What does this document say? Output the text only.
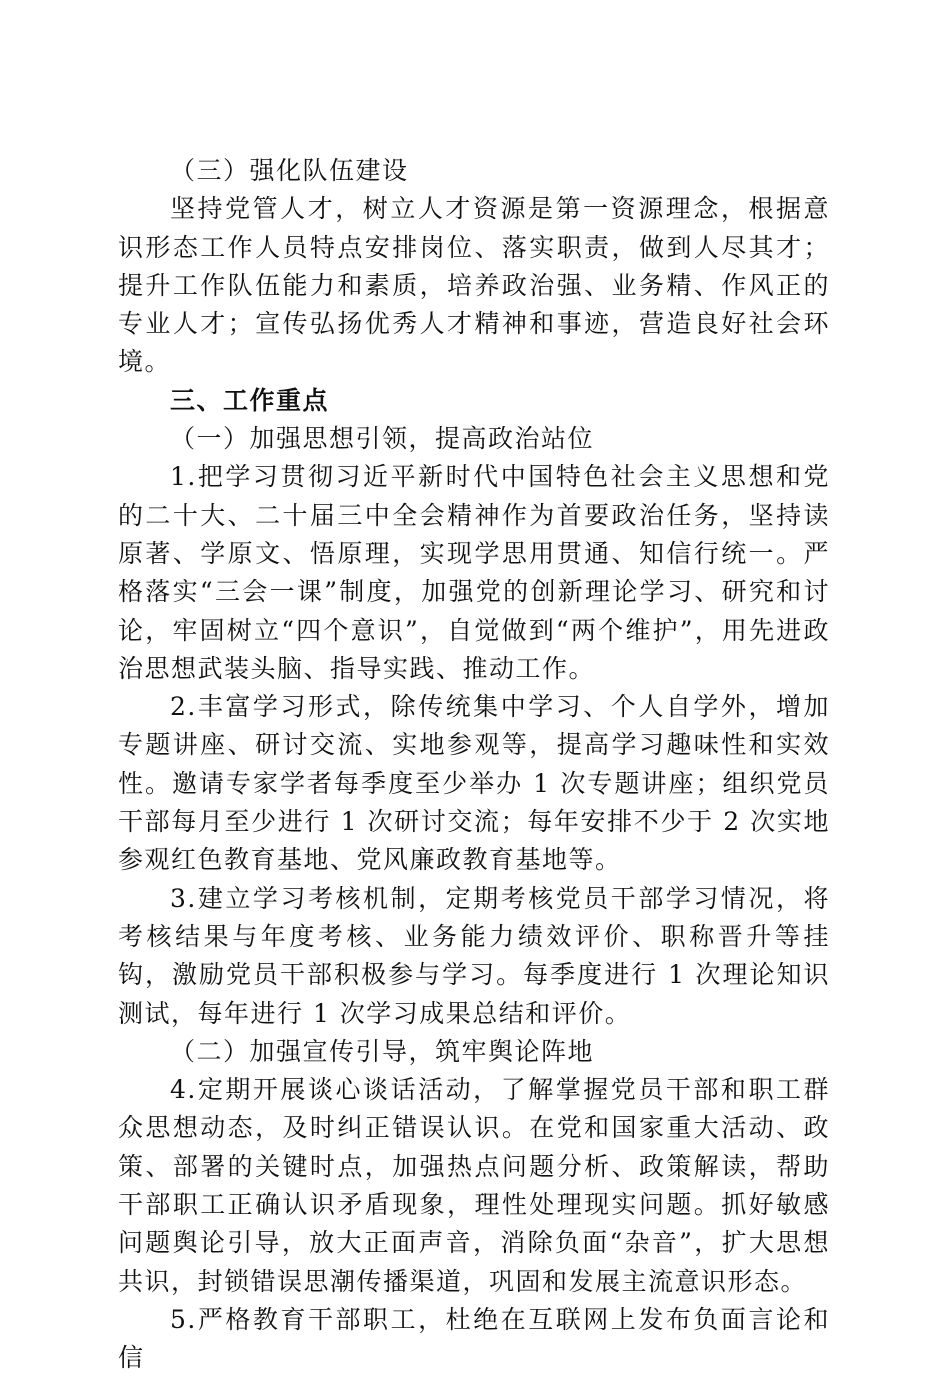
（三）强化队伍建设

坚持党管人才，树立人才资源是第一资源理念，根据意识形态工作人员特点安排岗位、落实职责，做到人尽其才；提升工作队伍能力和素质，培养政治强、业务精、作风正的专业人才；宣传弘扬优秀人才精神和事迹，营造良好社会环境。

三、工作重点

（一）加强思想引领，提高政治站位

1.把学习贯彻习近平新时代中国特色社会主义思想和党的二十大、二十届三中全会精神作为首要政治任务，坚持读原著、学原文、悟原理，实现学思用贯通、知信行统一。严格落实“三会一课”制度，加强党的创新理论学习、研究和讨论，牢固树立“四个意识”，自觉做到“两个维护”，用先进政治思想武装头脑、指导实践、推动工作。

2.丰富学习形式，除传统集中学习、个人自学外，增加专题讲座、研讨交流、实地参观等，提高学习趣味性和实效性。邀请专家学者每季度至少举办 1 次专题讲座；组织党员干部每月至少进行 1 次研讨交流；每年安排不少于 2 次实地参观红色教育基地、党风廉政教育基地等。

3.建立学习考核机制，定期考核党员干部学习情况，将考核结果与年度考核、业务能力绩效评价、职称晋升等挂钩，激励党员干部积极参与学习。每季度进行 1 次理论知识测试，每年进行 1 次学习成果总结和评价。

（二）加强宣传引导，筑牢舆论阵地

4.定期开展谈心谈话活动，了解掌握党员干部和职工群众思想动态，及时纠正错误认识。在党和国家重大活动、政策、部署的关键时点，加强热点问题分析、政策解读，帮助干部职工正确认识矛盾现象，理性处理现实问题。抓好敏感问题舆论引导，放大正面声音，消除负面“杂音”，扩大思想共识，封锁错误思潮传播渠道，巩固和发展主流意识形态。

5.严格教育干部职工，杜绝在互联网上发布负面言论和信
